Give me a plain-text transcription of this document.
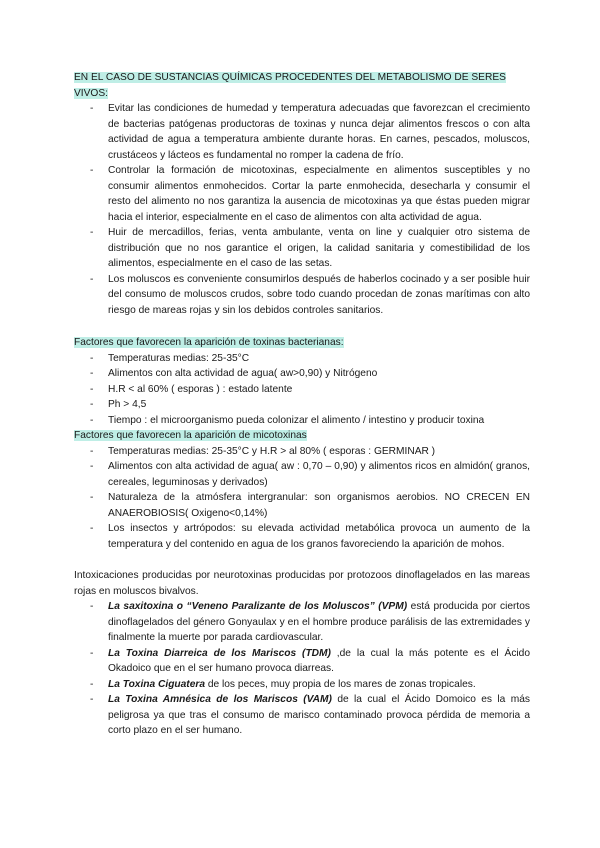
EN EL CASO DE SUSTANCIAS QUÍMICAS PROCEDENTES DEL METABOLISMO DE SERES VIVOS:

- Evitar las condiciones de humedad y temperatura adecuadas que favorezcan el crecimiento de bacterias patógenas productoras de toxinas y nunca dejar alimentos frescos o con alta actividad de agua a temperatura ambiente durante horas. En carnes, pescados, moluscos, crustáceos y lácteos es fundamental no romper la cadena de frío.
- Controlar la formación de micotoxinas, especialmente en alimentos susceptibles y no consumir alimentos enmohecidos. Cortar la parte enmohecida, desecharla y consumir el resto del alimento no nos garantiza la ausencia de micotoxinas ya que éstas pueden migrar hacia el interior, especialmente en el caso de alimentos con alta actividad de agua.
- Huir de mercadillos, ferias, venta ambulante, venta on line y cualquier otro sistema de distribución que no nos garantice el origen, la calidad sanitaria y comestibilidad de los alimentos, especialmente en el caso de las setas.
- Los moluscos es conveniente consumirlos después de haberlos cocinado y a ser posible huir del consumo de moluscos crudos, sobre todo cuando procedan de zonas marítimas con alto riesgo de mareas rojas y sin los debidos controles sanitarios.

Factores que favorecen la aparición de toxinas bacterianas:

- Temperaturas medias: 25-35°C
- Alimentos con alta actividad de agua( aw>0,90) y Nitrógeno
- H.R < al 60% ( esporas ) : estado latente
- Ph > 4,5
- Tiempo : el microorganismo pueda colonizar el alimento / intestino y producir toxina

Factores que favorecen la aparición de micotoxinas

- Temperaturas medias: 25-35°C y H.R > al 80% ( esporas : GERMINAR )
- Alimentos con alta actividad de agua( aw : 0,70 – 0,90) y alimentos ricos en almidón( granos, cereales, leguminosas y derivados)
- Naturaleza de la atmósfera intergranular: son organismos aerobios. NO CRECEN EN ANAEROBIOSIS( Oxigeno<0,14%)
- Los insectos y artrópodos: su elevada actividad metabólica provoca un aumento de la temperatura y del contenido en agua de los granos favoreciendo la aparición de mohos.

Intoxicaciones producidas por neurotoxinas producidas por protozoos dinoflagelados en las mareas rojas en moluscos bivalvos.

- La saxitoxina o “Veneno Paralizante de los Moluscos” (VPM) está producida por ciertos dinoflagelados del género Gonyaulax y en el hombre produce parálisis de las extremidades y finalmente la muerte por parada cardiovascular.
- La Toxina Diarreica de los Mariscos (TDM) ,de la cual la más potente es el Ácido Okadoico que en el ser humano provoca diarreas.
- La Toxina Ciguatera de los peces, muy propia de los mares de zonas tropicales.
- La Toxina Amnésica de los Mariscos (VAM) de la cual el Ácido Domoico es la más peligrosa ya que tras el consumo de marisco contaminado provoca pérdida de memoria a corto plazo en el ser humano.
